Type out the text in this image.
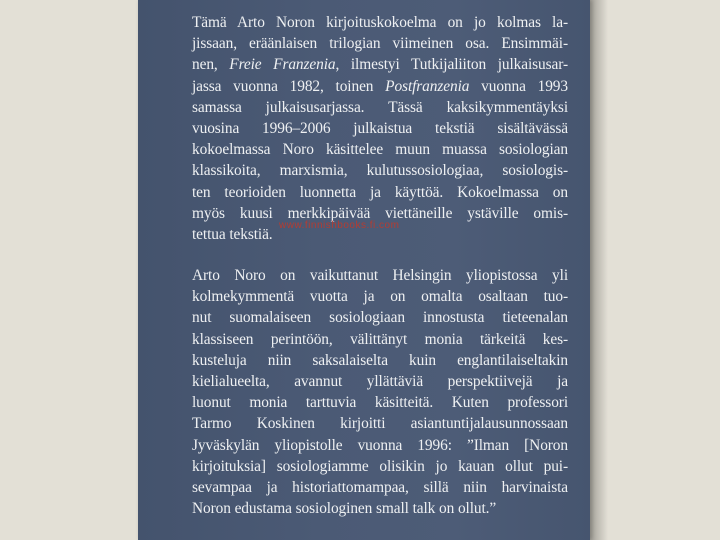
Tämä Arto Noron kirjoituskokoelma on jo kolmas la-
jissaan, eräänlaisen trilogian viimeinen osa. Ensimmäi-
nen, Freie Franzenia, ilmestyi Tutkijaliiton julkaisusar-
jassa vuonna 1982, toinen Postfranzenia vuonna 1993
samassa julkaisusarjassa. Tässä kaksikymmentäyksi
vuosina 1996–2006 julkaistua tekstiä sisältävässä
kokoelmassa Noro käsittelee muun muassa sosiologian
klassikoita, marxismia, kulutussosiologiaa, sosiologis-
ten teorioiden luonnetta ja käyttöä. Kokoelmassa on
myös kuusi merkkipäivää viettäneille ystäville omis-
tettua tekstiä.
www.finnishbooks.fi.com
Arto Noro on vaikuttanut Helsingin yliopistossa yli
kolmekymmentä vuotta ja on omalta osaltaan tuo-
nut suomalaiseen sosiologiaan innostusta tieteenalan
klassiseen perintöön, välittänyt monia tärkeitä kes-
kusteluja niin saksalaiselta kuin englantilaiseltakin
kielialueelta, avannut yllättäviä perspektiivejä ja
luonut monia tarttuvia käsitteitä. Kuten professori
Tarmo Koskinen kirjoitti asiantuntijalausunnossaan
Jyväskylän yliopistolle vuonna 1996: ”Ilman [Noron
kirjoituksia] sosiologiamme olisikin jo kauan ollut pui-
sevampaa ja historiattomampaa, sillä niin harvinaista
Noron edustama sosiologinen small talk on ollut.”
